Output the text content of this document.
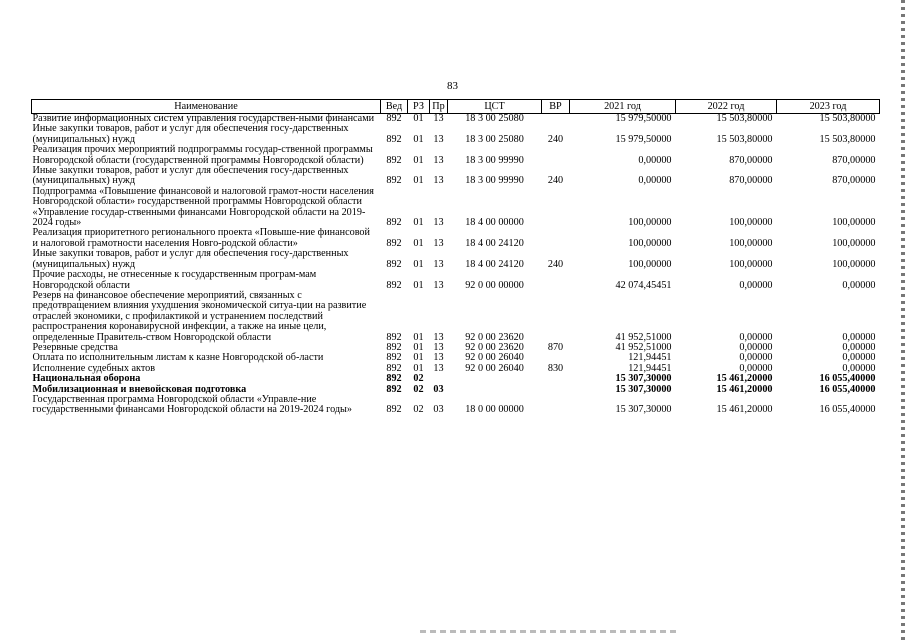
83
Наименование	Вед	РЗ	Пр	ЦСТ	ВР	2021 год	2022 год	2023 год
Развитие информационных систем управления государствен-ными финансами	892	01	13	18 3 00 25080		15 979,50000	15 503,80000	15 503,80000
Иные закупки товаров, работ и услуг для обеспечения госу-дарственных (муниципальных) нужд	892	01	13	18 3 00 25080	240	15 979,50000	15 503,80000	15 503,80000
Реализация прочих мероприятий подпрограммы государ-ственной программы Новгородской области (государственной программы Новгородской области)	892	01	13	18 3 00 99990		0,00000	870,00000	870,00000
Иные закупки товаров, работ и услуг для обеспечения госу-дарственных (муниципальных) нужд	892	01	13	18 3 00 99990	240	0,00000	870,00000	870,00000
Подпрограмма «Повышение финансовой и налоговой грамот-ности населения Новгородской области» государственной программы Новгородской области «Управление государ-ственными финансами Новгородской области на 2019-2024 годы»	892	01	13	18 4 00 00000		100,00000	100,00000	100,00000
Реализация приоритетного регионального проекта «Повыше-ние финансовой и налоговой грамотности населения Новго-родской области»	892	01	13	18 4 00 24120		100,00000	100,00000	100,00000
Иные закупки товаров, работ и услуг для обеспечения госу-дарственных (муниципальных) нужд	892	01	13	18 4 00 24120	240	100,00000	100,00000	100,00000
Прочие расходы, не отнесенные к государственным програм-мам Новгородской области	892	01	13	92 0 00 00000		42 074,45451	0,00000	0,00000
Резерв на финансовое обеспечение мероприятий, связанных с предотвращением влияния ухудшения экономической ситуа-ции на развитие отраслей экономики, с профилактикой и устранением последствий распространения коронавирусной инфекции, а также на иные цели, определенные Правитель-ством Новгородской области	892	01	13	92 0 00 23620		41 952,51000	0,00000	0,00000
Резервные средства	892	01	13	92 0 00 23620	870	41 952,51000	0,00000	0,00000
Оплата по исполнительным листам к казне Новгородской об-ласти	892	01	13	92 0 00 26040		121,94451	0,00000	0,00000
Исполнение судебных актов	892	01	13	92 0 00 26040	830	121,94451	0,00000	0,00000
Национальная оборона	892	02				15 307,30000	15 461,20000	16 055,40000
Мобилизационная и вневойсковая подготовка	892	02	03			15 307,30000	15 461,20000	16 055,40000
Государственная программа Новгородской области «Управле-ние государственными финансами Новгородской области на 2019-2024 годы»	892	02	03	18 0 00 00000		15 307,30000	15 461,20000	16 055,40000
